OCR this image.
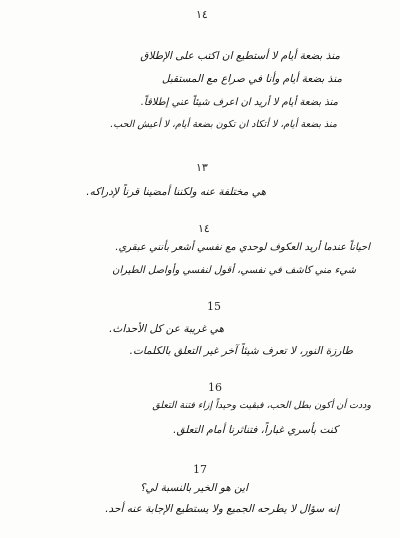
١٤
منذ بضعة أيام لا أستطيع ان اكتب على الإطلاق
منذ بضعة أيام وأنا في صراع مع المستقبل
منذ بضعة أيام لا أريد ان اعرف شيئاً عني إطلاقاً.
منذ بضعة أيام، لا أتكاد ان تكون بضعة أيام، لا أعيش الحب.
١٣
هي مختلفة عنه ولكننا أمضينا قرناً لإدراكه.
١٤
احياناً عندما أريد العكوف لوحدي مع نفسي أشعر بأنني عبقري.
شيء مني كاشف في نفسي، أقول لنفسي وأواصل الطيران
15
هي غريبة عن كل الأحداث.
طارزة النور، لا تعرف شيئاً آخر غير التعلق بالكلمات.
16
وددت أن أكون بطل الحب، فبقيت وحيداً إزاء فتنة التعلق
كنت بأسري غباراً، فتناثرنا أمام التعلق.
17
اين هو الخير بالنسبة لي؟
إنه سؤال لا يطرحه الجميع ولا يستطيع الإجابة عنه أحد.
